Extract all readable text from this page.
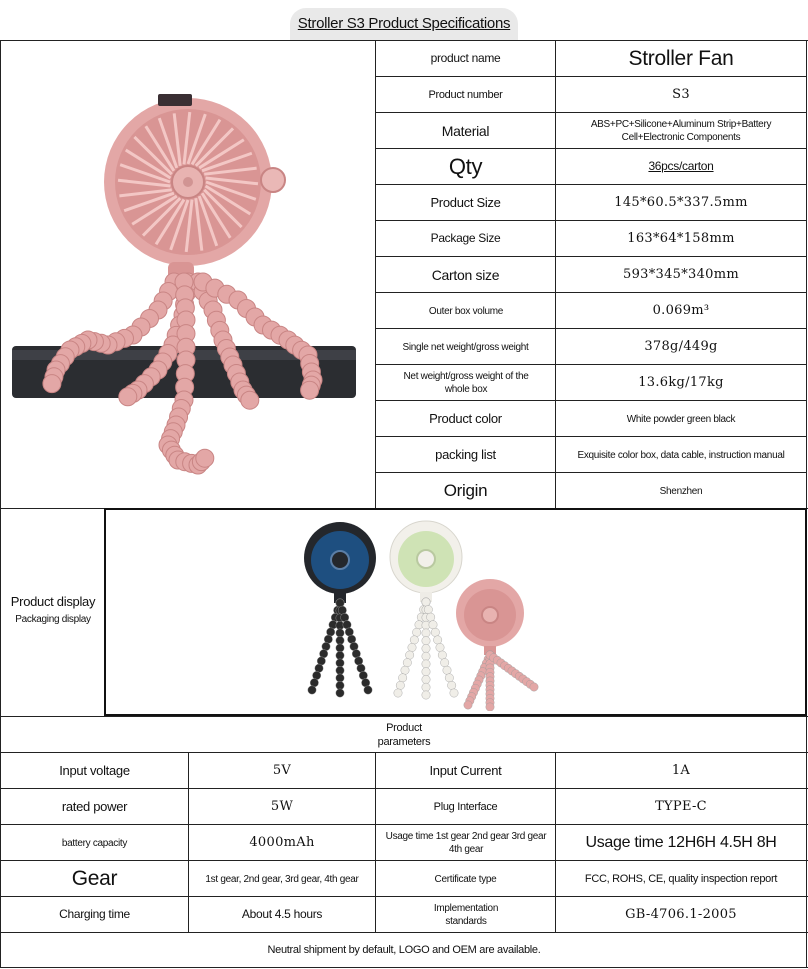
Stroller S3 Product Specifications
Product display
Packaging display
Product parameters
Neutral shipment by default, LOGO and OEM are available.
product name	Stroller Fan
Product number	S3
Material	ABS+PC+Silicone+Aluminum Strip+Battery Cell+Electronic Components
Qty	36pcs/carton
Product Size	145*60.5*337.5mm
Package Size	163*64*158mm
Carton size	593*345*340mm
Outer box volume	0.069m³
Single net weight/gross weight	378g/449g
Net weight/gross weight of the whole box	13.6kg/17kg
Product color	White powder green black
packing list	Exquisite color box, data cable, instruction manual
Origin	Shenzhen
Input voltage	5V	Input Current	1A
rated power	5W	Plug Interface	TYPE-C
battery capacity	4000mAh	Usage time 1st gear 2nd gear 3rd gear 4th gear	Usage time 12H6H 4.5H 8H
Gear	1st gear, 2nd gear, 3rd gear, 4th gear	Certificate type	FCC, ROHS, CE, quality inspection report
Charging time	About 4.5 hours	Implementation standards	GB-4706.1-2005
